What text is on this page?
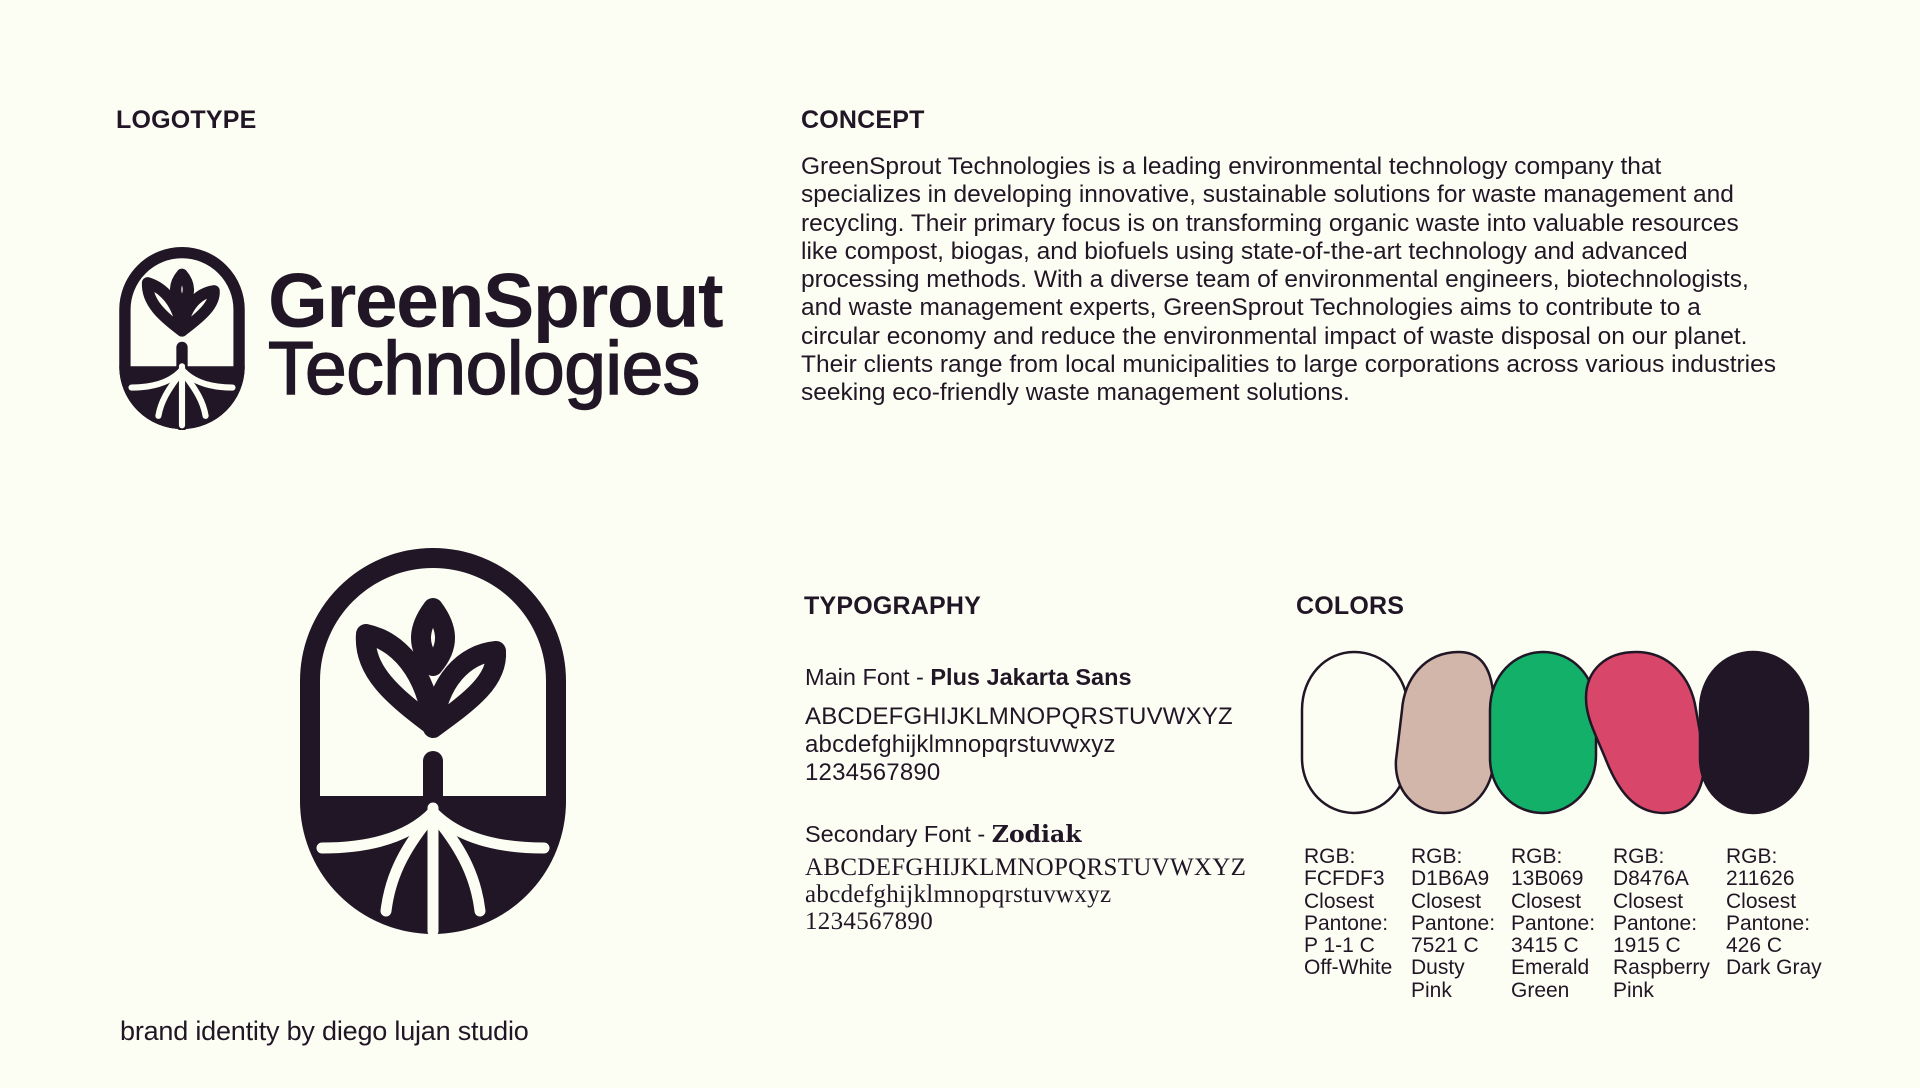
LOGOTYPE	CONCEPT
TYPOGRAPHY	COLORS
GreenSprout
Technologies

GreenSprout Technologies is a leading environmental technology company that specializes in developing innovative, sustainable solutions for waste management and recycling. Their primary focus is on transforming organic waste into valuable resources like compost, biogas, and biofuels using state-of-the-art technology and advanced processing methods. With a diverse team of environmental engineers, biotechnologists, and waste management experts, GreenSprout Technologies aims to contribute to a circular economy and reduce the environmental impact of waste disposal on our planet. Their clients range from local municipalities to large corporations across various industries seeking eco-friendly waste management solutions.

Main Font - Plus Jakarta Sans
ABCDEFGHIJKLMNOPQRSTUVWXYZ
abcdefghijklmnopqrstuvwxyz
1234567890
Secondary Font - Zodiak
ABCDEFGHIJKLMNOPQRSTUVWXYZ
abcdefghijklmnopqrstuvwxyz
1234567890
RGB:
FCFDF3
Closest
Pantone:
P 1-1 C
Off-White
RGB:
D1B6A9
Closest
Pantone:
7521 C
Dusty
Pink
RGB:
13B069
Closest
Pantone:
3415 C
Emerald
Green
RGB:
D8476A
Closest
Pantone:
1915 C
Raspberry
Pink
RGB:
211626
Closest
Pantone:
426 C
Dark Gray

brand identity by diego lujan studio
